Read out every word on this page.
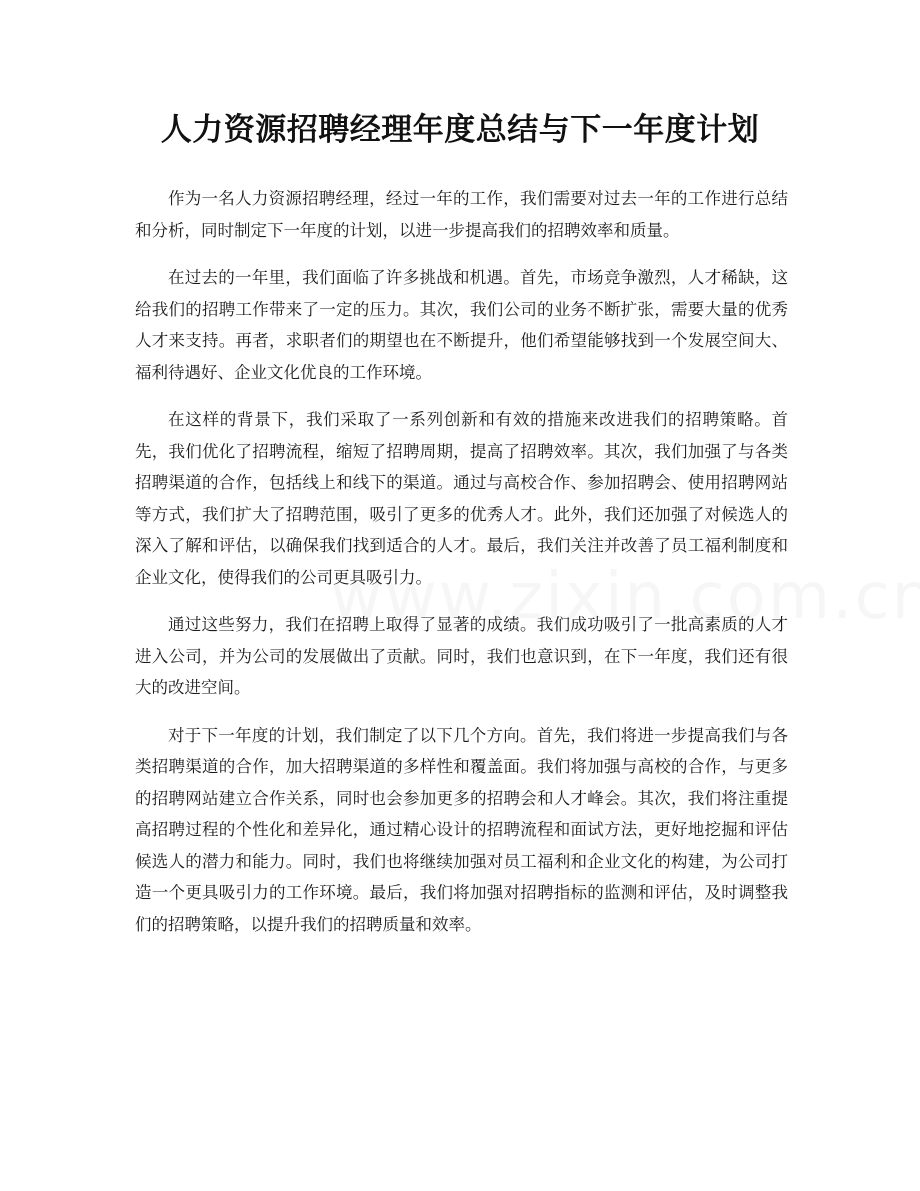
人力资源招聘经理年度总结与下一年度计划

作为一名人力资源招聘经理，经过一年的工作，我们需要对过去一年的工作进行总结和分析，同时制定下一年度的计划，以进一步提高我们的招聘效率和质量。

在过去的一年里，我们面临了许多挑战和机遇。首先，市场竞争激烈，人才稀缺，这给我们的招聘工作带来了一定的压力。其次，我们公司的业务不断扩张，需要大量的优秀人才来支持。再者，求职者们的期望也在不断提升，他们希望能够找到一个发展空间大、福利待遇好、企业文化优良的工作环境。

在这样的背景下，我们采取了一系列创新和有效的措施来改进我们的招聘策略。首先，我们优化了招聘流程，缩短了招聘周期，提高了招聘效率。其次，我们加强了与各类招聘渠道的合作，包括线上和线下的渠道。通过与高校合作、参加招聘会、使用招聘网站等方式，我们扩大了招聘范围，吸引了更多的优秀人才。此外，我们还加强了对候选人的深入了解和评估，以确保我们找到适合的人才。最后，我们关注并改善了员工福利制度和企业文化，使得我们的公司更具吸引力。

通过这些努力，我们在招聘上取得了显著的成绩。我们成功吸引了一批高素质的人才进入公司，并为公司的发展做出了贡献。同时，我们也意识到，在下一年度，我们还有很大的改进空间。

对于下一年度的计划，我们制定了以下几个方向。首先，我们将进一步提高我们与各类招聘渠道的合作，加大招聘渠道的多样性和覆盖面。我们将加强与高校的合作，与更多的招聘网站建立合作关系，同时也会参加更多的招聘会和人才峰会。其次，我们将注重提高招聘过程的个性化和差异化，通过精心设计的招聘流程和面试方法，更好地挖掘和评估候选人的潜力和能力。同时，我们也将继续加强对员工福利和企业文化的构建，为公司打造一个更具吸引力的工作环境。最后，我们将加强对招聘指标的监测和评估，及时调整我们的招聘策略，以提升我们的招聘质量和效率。
